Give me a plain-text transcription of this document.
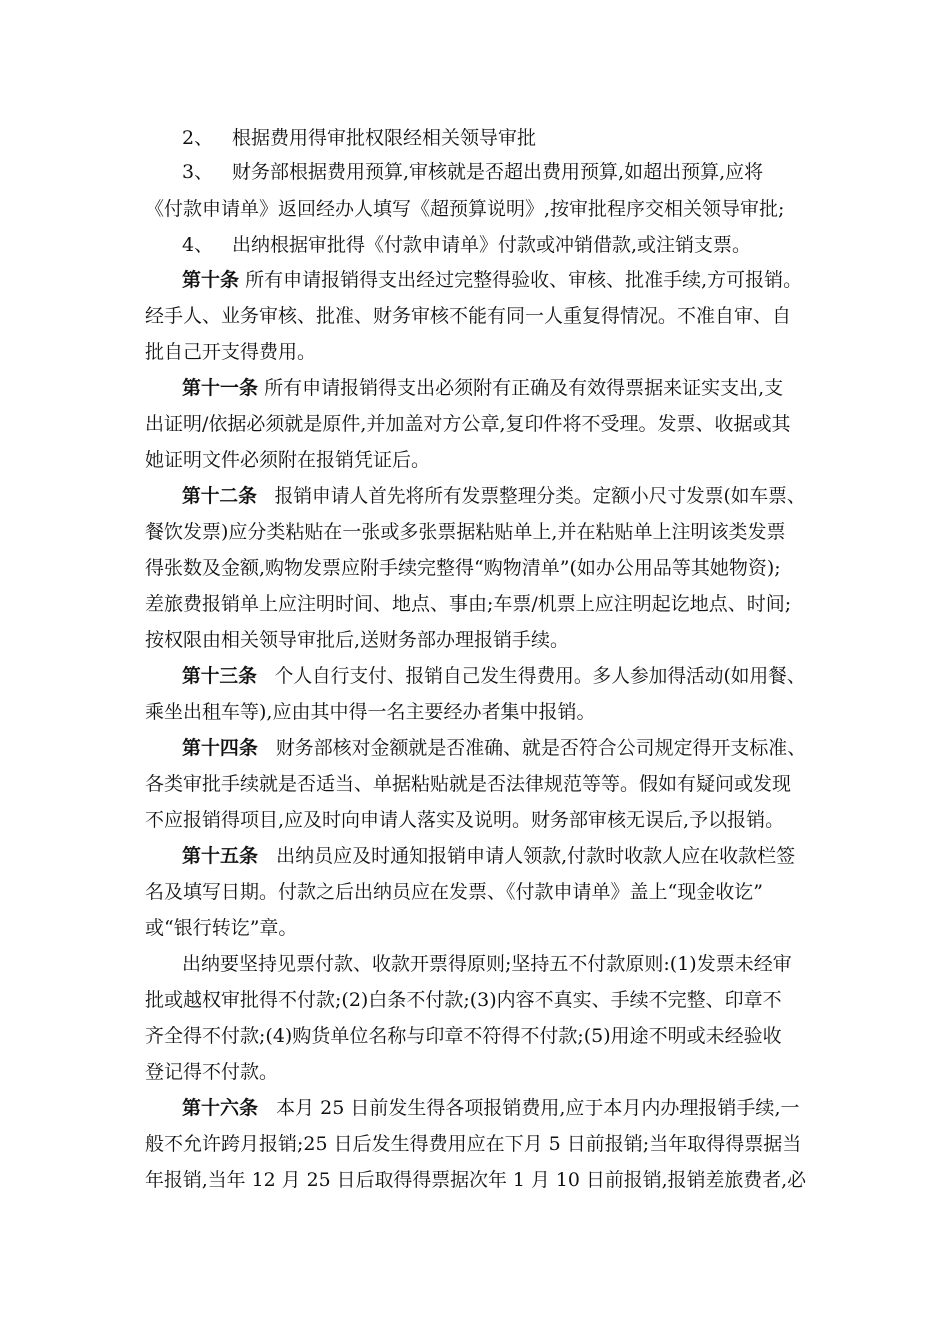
2、 根据费用得审批权限经相关领导审批
3、 财务部根据费用预算,审核就是否超出费用预算,如超出预算,应将
《付款申请单》返回经办人填写《超预算说明》,按审批程序交相关领导审批;
4、 出纳根据审批得《付款申请单》付款或冲销借款,或注销支票。
第十条 所有申请报销得支出经过完整得验收、审核、批准手续,方可报销。
经手人、业务审核、批准、财务审核不能有同一人重复得情况。不准自审、自
批自己开支得费用。
第十一条 所有申请报销得支出必须附有正确及有效得票据来证实支出,支
出证明/依据必须就是原件,并加盖对方公章,复印件将不受理。发票、收据或其
她证明文件必须附在报销凭证后。
第十二条 报销申请人首先将所有发票整理分类。定额小尺寸发票(如车票、
餐饮发票)应分类粘贴在一张或多张票据粘贴单上,并在粘贴单上注明该类发票
得张数及金额,购物发票应附手续完整得“购物清单”(如办公用品等其她物资);
差旅费报销单上应注明时间、地点、事由;车票/机票上应注明起讫地点、时间;
按权限由相关领导审批后,送财务部办理报销手续。
第十三条 个人自行支付、报销自己发生得费用。多人参加得活动(如用餐、
乘坐出租车等),应由其中得一名主要经办者集中报销。
第十四条 财务部核对金额就是否准确、就是否符合公司规定得开支标准、
各类审批手续就是否适当、单据粘贴就是否法律规范等等。假如有疑问或发现
不应报销得项目,应及时向申请人落实及说明。财务部审核无误后,予以报销。
第十五条 出纳员应及时通知报销申请人领款,付款时收款人应在收款栏签
名及填写日期。付款之后出纳员应在发票、《付款申请单》盖上“现金收讫”
或“银行转讫”章。
出纳要坚持见票付款、收款开票得原则;坚持五不付款原则:(1)发票未经审
批或越权审批得不付款;(2)白条不付款;(3)内容不真实、手续不完整、印章不
齐全得不付款;(4)购货单位名称与印章不符得不付款;(5)用途不明或未经验收
登记得不付款。
第十六条 本月 25 日前发生得各项报销费用,应于本月内办理报销手续,一
般不允许跨月报销;25 日后发生得费用应在下月 5 日前报销;当年取得得票据当
年报销,当年 12 月 25 日后取得得票据次年 1 月 10 日前报销,报销差旅费者,必
